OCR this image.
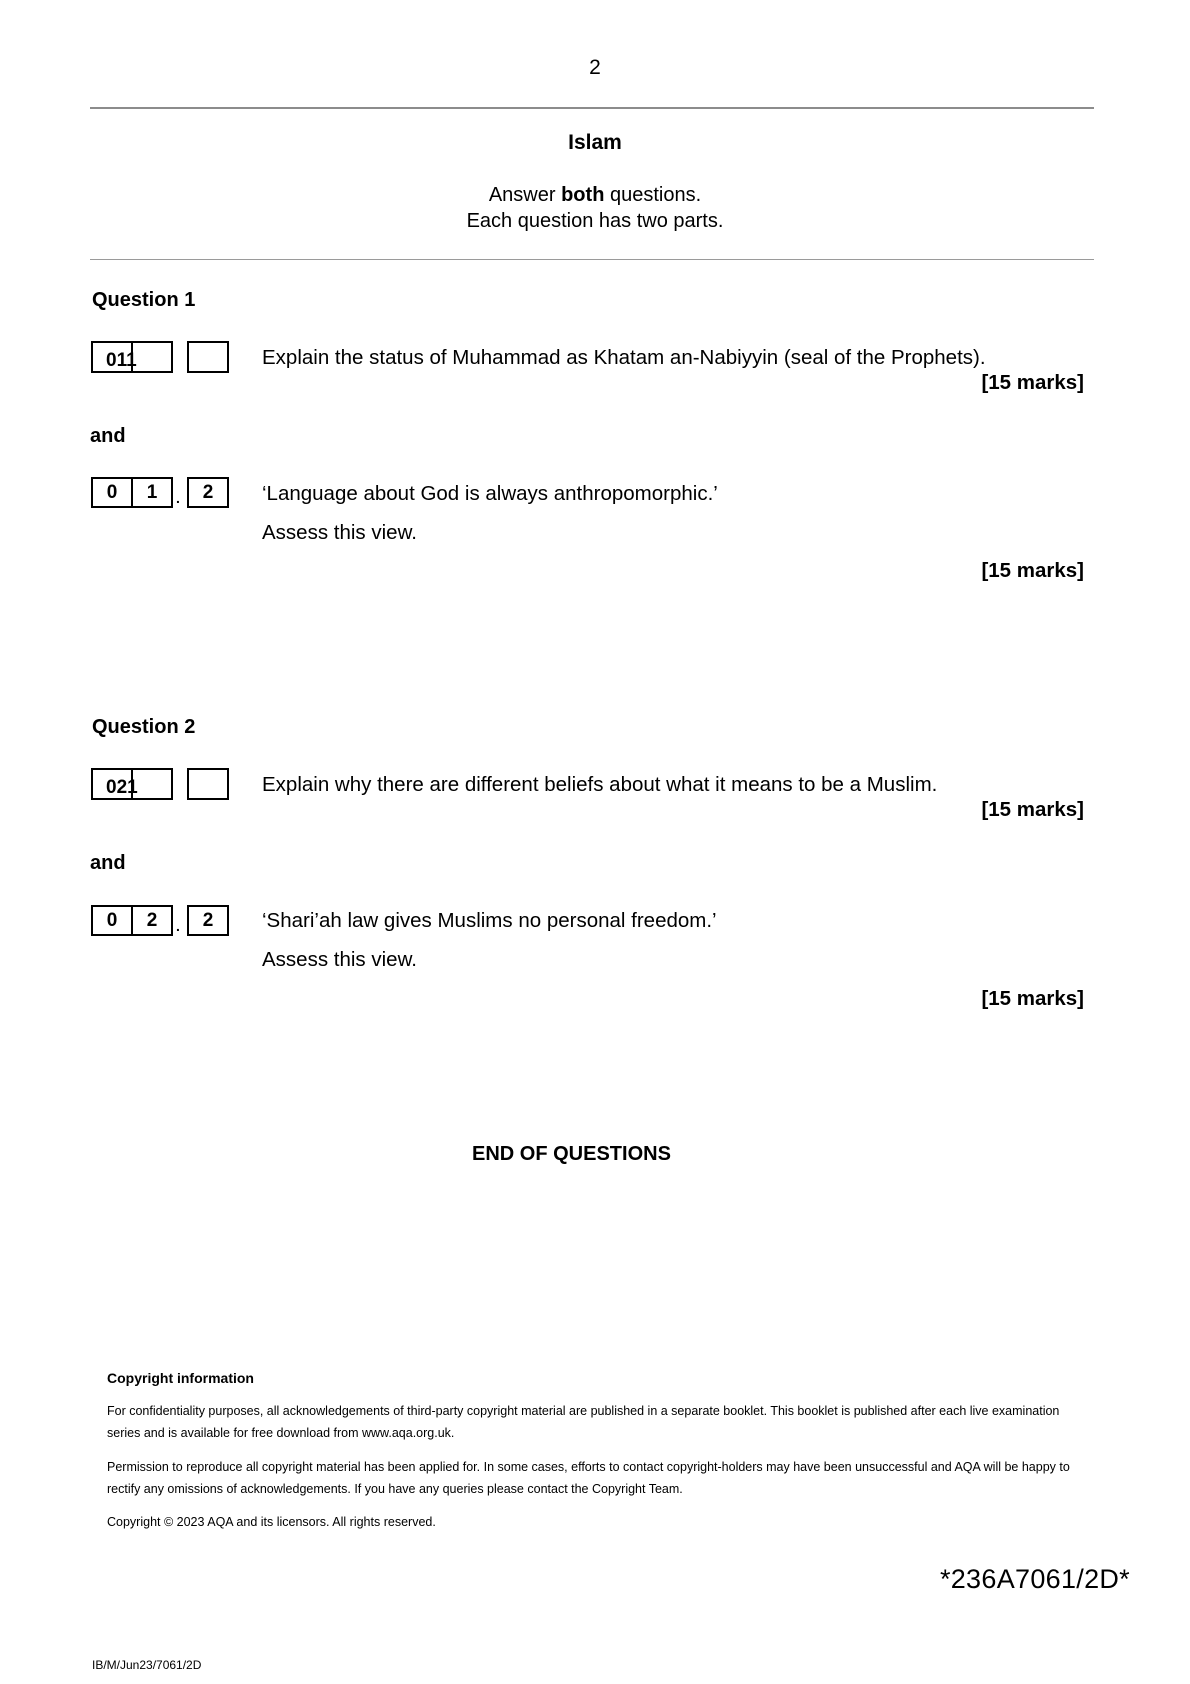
2
Islam
Answer both questions.
Each question has two parts.
Question 1
011	Explain the status of Muhammad as Khatam an-Nabiyyin (seal of the Prophets).
[15 marks]
and
0	1	.	2	‘Language about God is always anthropomorphic.’
Assess this view.
[15 marks]
Question 2
021	Explain why there are different beliefs about what it means to be a Muslim.
[15 marks]
and
0	2	.	2	‘Shari’ah law gives Muslims no personal freedom.’
Assess this view.
[15 marks]
END OF QUESTIONS
Copyright information
For confidentiality purposes, all acknowledgements of third-party copyright material are published in a separate booklet. This booklet is published after each live examination series and is available for free download from www.aqa.org.uk.
Permission to reproduce all copyright material has been applied for. In some cases, efforts to contact copyright-holders may have been unsuccessful and AQA will be happy to rectify any omissions of acknowledgements. If you have any queries please contact the Copyright Team.
Copyright © 2023 AQA and its licensors. All rights reserved.
*236A7061/2D*
IB/M/Jun23/7061/2D
